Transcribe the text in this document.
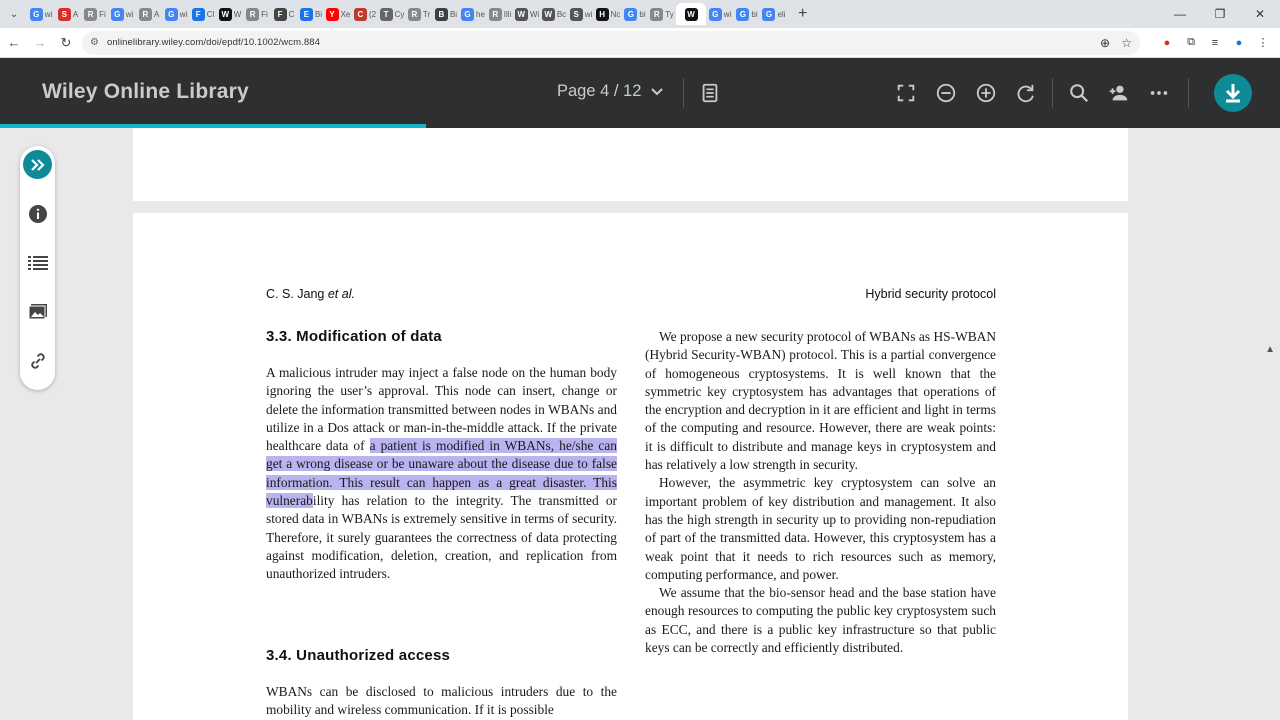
⌄	G wi	S A	R Fi	G wi	R A	G wi	F Cl W W	R Fi	F C	E Bi Y Xe C (2 T Cy R Tr	B Bi G he R Illi W Wi W Bc S wi H Nc G bi	R Ty	W	G wi	G bi	G eli +	—	❐	✕
←	→	↻	⚙ onlinelibrary.wiley.com/doi/epdf/10.1002/wcm.884	⊕ ☆	●	⧉	≡	●	⋮
Wiley Online Library	Page 4 / 12
C. S. Jang et al.	Hybrid security protocol
3.3. Modification of data

A malicious intruder may inject a false node on the human body ignoring the user’s approval. This node can insert, change or delete the information transmitted between nodes in WBANs and utilize in a Dos attack or man-in-the-middle attack. If the private healthcare data of a patient is modified in WBANs, he/she can get a wrong disease or be unaware about the disease due to false information. This result can happen as a great disaster. This vulnerability has relation to the integrity. The transmitted or stored data in WBANs is extremely sensitive in terms of security. Therefore, it surely guarantees the correctness of data protecting against modification, deletion, creation, and replication from unauthorized intruders.

3.4. Unauthorized access

WBANs can be disclosed to malicious intruders due to the mobility and wireless communication. If it is possible

We propose a new security protocol of WBANs as HS-WBAN (Hybrid Security-WBAN) protocol. This is a partial convergence of homogeneous cryptosystems. It is well known that the symmetric key cryptosystem has advantages that operations of the encryption and decryption in it are efficient and light in terms of the computing and resource. However, there are weak points: it is difficult to distribute and manage keys in cryptosystem and has relatively a low strength in security.

However, the asymmetric key cryptosystem can solve an important problem of key distribution and management. It also has the high strength in security up to providing non-repudiation of part of the transmitted data. However, this cryptosystem has a weak point that it needs to rich resources such as memory, computing performance, and power.

We assume that the bio-sensor head and the base station have enough resources to computing the public key cryptosystem such as ECC, and there is a public key infrastructure so that public keys can be correctly and efficiently distributed.

▲
